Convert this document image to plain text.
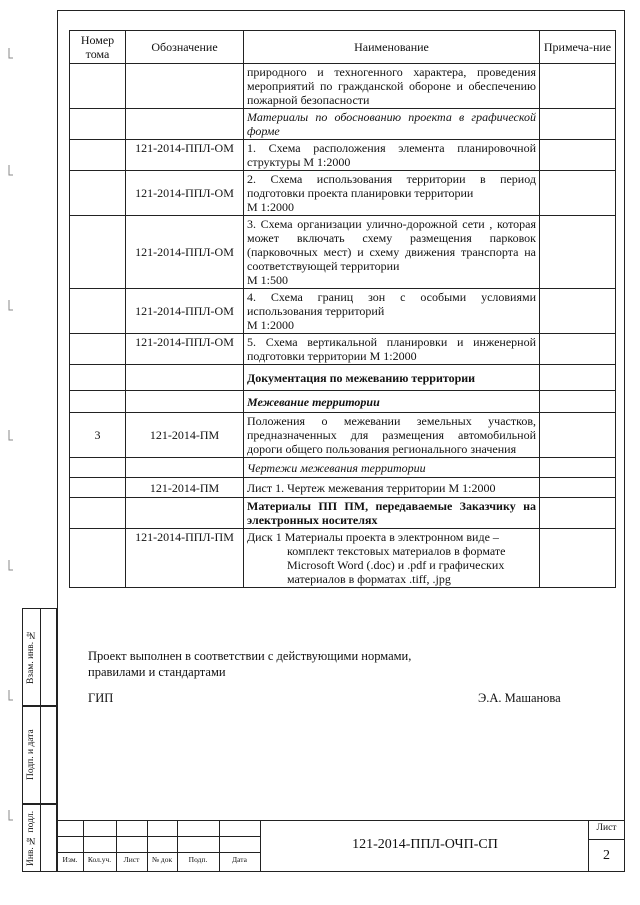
Номер тома	Обозначение	Наименование	Примеча-ние
		природного и техногенного характера, проведения мероприятий по гражданской обороне и обеспечению пожарной безопасности	
		Материалы по обоснованию проекта в графической форме	
	121-2014-ППЛ-ОМ	1. Схема расположения элемента планировочной структуры М 1:2000	
	121-2014-ППЛ-ОМ	2. Схема использования территории в период подготовки проекта планировки территории
М 1:2000	
	121-2014-ППЛ-ОМ	3. Схема организации улично-дорожной сети , которая может включать схему размещения парковок (парковочных мест) и схему движения транспорта на соответствующей территории
М 1:500	
	121-2014-ППЛ-ОМ	4. Схема границ зон с особыми условиями использования территорий
М 1:2000	
	121-2014-ППЛ-ОМ	5. Схема вертикальной планировки и инженерной подготовки территории М 1:2000	
		Документация по межеванию территории	
		Межевание территории	
3	121-2014-ПМ	Положения о межевании земельных участков, предназначенных для размещения автомобильной дороги общего пользования регионального значения	
		Чертежи межевания территории	
	121-2014-ПМ	Лист 1. Чертеж межевания территории М 1:2000	
		Материалы ПП ПМ, передаваемые Заказчику на электронных носителях	
	121-2014-ППЛ-ПМ	Диск 1 Материалы проекта в электронном виде –
комплект текстовых материалов в формате Microsoft Word (.doc) и .pdf и графических материалов в форматах .tiff, .jpg	

Проект выполнен в соответствии с действующими нормами, правилами и стандартами
ГИП	Э.А. Машанова
Взам. инв. №
Подп. и дата
Инв. № подл.	Изм.	Кол.уч.	Лист	№ док	Подп.	Дата
121-2014-ППЛ-ОЧП-СП
Лист
2
